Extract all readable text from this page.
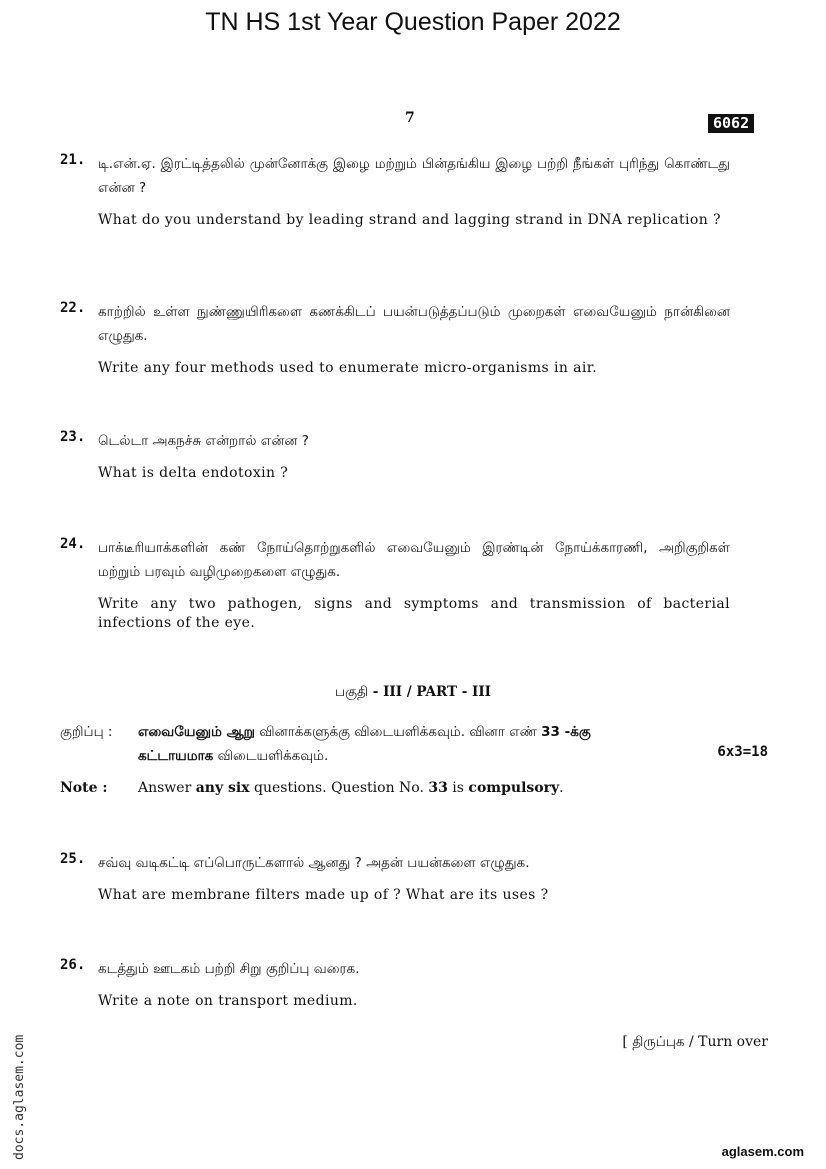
TN HS 1st Year Question Paper 2022
7	6062
21. டி.என்.ஏ. இரட்டித்தலில் முன்னோக்கு இழை மற்றும் பின்தங்கிய இழை பற்றி நீங்கள் புரிந்து கொண்டது என்ன ?
What do you understand by leading strand and lagging strand in DNA replication ?
22. காற்றில் உள்ள நுண்ணுயிரிகளை கணக்கிடப் பயன்படுத்தப்படும் முறைகள் எவையேனும் நான்கினை எழுதுக.
Write any four methods used to enumerate micro-organisms in air.
23. டெல்டா அகநச்சு என்றால் என்ன ?
What is delta endotoxin ?
24. பாக்டீரியாக்களின் கண் நோய்தொற்றுகளில் எவையேனும் இரண்டின் நோய்க்காரணி, அறிகுறிகள் மற்றும் பரவும் வழிமுறைகளை எழுதுக.
Write any two pathogen, signs and symptoms and transmission of bacterial infections of the eye.
பகுதி - III / PART - III
குறிப்பு : எவையேனும் ஆறு வினாக்களுக்கு விடையளிக்கவும். வினா எண் 33 -க்கு
கட்டாயமாக விடையளிக்கவும்.	6x3=18
Note : Answer any six questions. Question No. 33 is compulsory.
25. சவ்வு வடிகட்டி எப்பொருட்களால் ஆனது ? அதன் பயன்களை எழுதுக.
What are membrane filters made up of ? What are its uses ?
26. கடத்தும் ஊடகம் பற்றி சிறு குறிப்பு வரைக.
Write a note on transport medium.
[ திருப்புக / Turn over
docs.aglasem.com	aglasem.com
